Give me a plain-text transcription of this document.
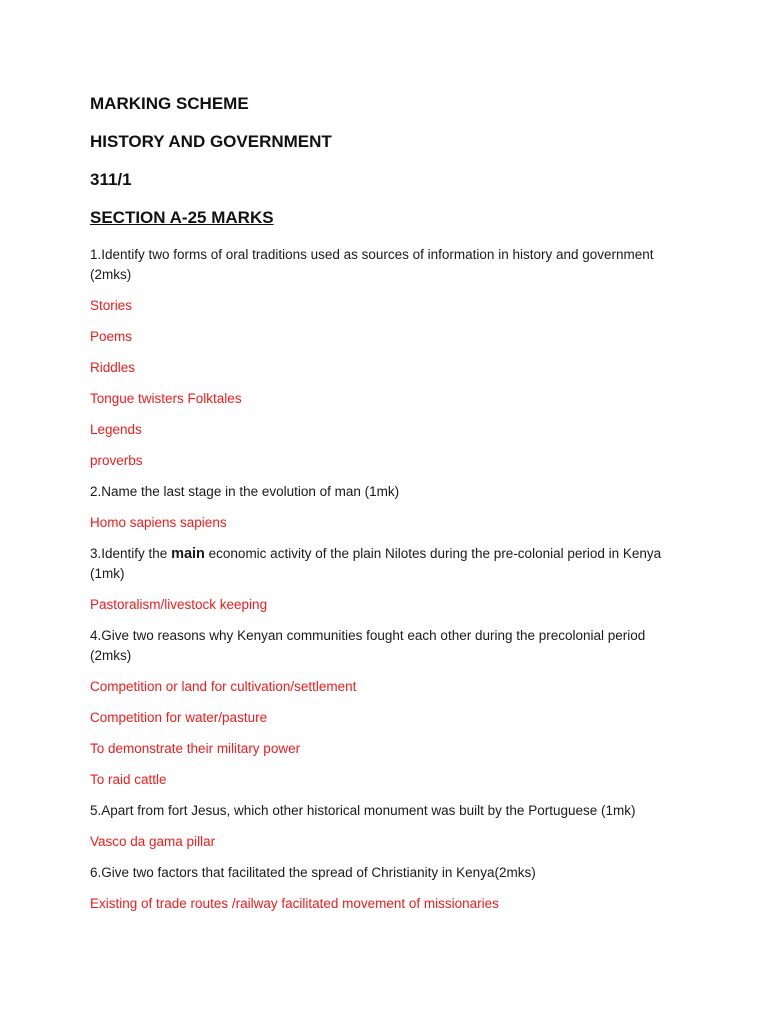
MARKING SCHEME
HISTORY AND GOVERNMENT
311/1
SECTION A-25 MARKS
1.Identify two forms of oral traditions used as sources of information in history and government (2mks)
Stories
Poems
Riddles
Tongue twisters Folktales
Legends
proverbs
2.Name the last stage in the evolution of man (1mk)
Homo sapiens sapiens
3.Identify the main economic activity of the plain Nilotes during the pre-colonial period in Kenya (1mk)
Pastoralism/livestock keeping
4.Give two reasons why Kenyan communities fought each other during the precolonial period (2mks)
Competition or land for cultivation/settlement
Competition for water/pasture
To demonstrate their military power
To raid cattle
5.Apart from fort Jesus, which other historical monument was built by the Portuguese (1mk)
Vasco da gama pillar
6.Give two factors that facilitated the spread of Christianity in Kenya(2mks)
Existing of trade routes /railway facilitated movement of missionaries
